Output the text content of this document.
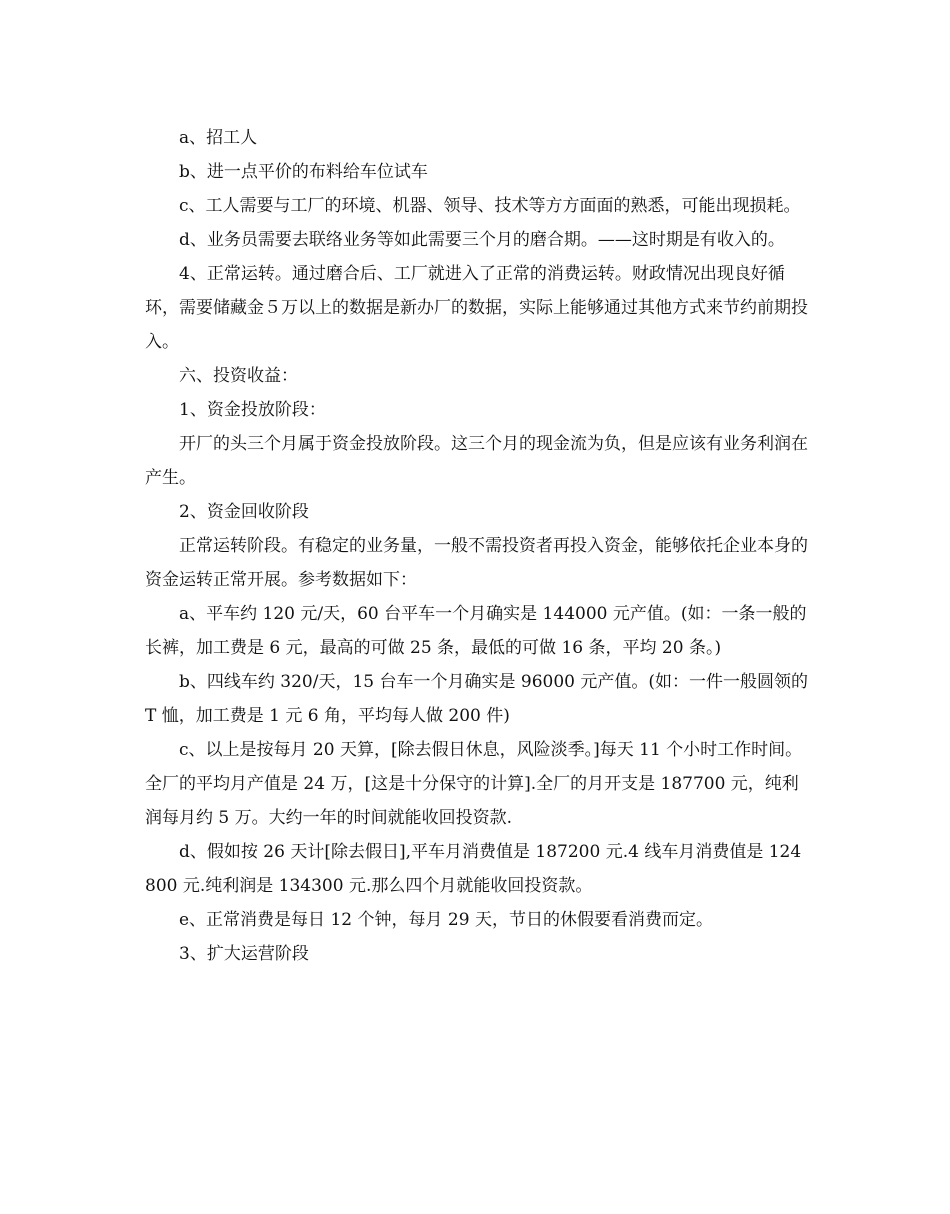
a、招工人

b、进一点平价的布料给车位试车

c、工人需要与工厂的环境、机器、领导、技术等方方面面的熟悉，可能出现损耗。

d、业务员需要去联络业务等如此需要三个月的磨合期。——这时期是有收入的。

4、正常运转。通过磨合后、工厂就进入了正常的消费运转。财政情况出现良好循环，需要储藏金５万以上的数据是新办厂的数据，实际上能够通过其他方式来节约前期投入。

六、投资收益：

1、资金投放阶段：

开厂的头三个月属于资金投放阶段。这三个月的现金流为负，但是应该有业务利润在产生。

2、资金回收阶段

正常运转阶段。有稳定的业务量，一般不需投资者再投入资金，能够依托企业本身的资金运转正常开展。参考数据如下：

a、平车约 120 元/天，60 台平车一个月确实是 144000 元产值。(如：一条一般的长裤，加工费是 6 元，最高的可做 25 条，最低的可做 16 条，平均 20 条。)

b、四线车约 320/天，15 台车一个月确实是 96000 元产值。(如：一件一般圆领的 T 恤，加工费是 1 元 6 角，平均每人做 200 件)

c、以上是按每月 20 天算，[除去假日休息，风险淡季。]每天 11 个小时工作时间。全厂的平均月产值是 24 万，[这是十分保守的计算].全厂的月开支是 187700 元，纯利润每月约 5 万。大约一年的时间就能收回投资款.

d、假如按 26 天计[除去假日],平车月消费值是 187200 元.4 线车月消费值是 124800 元.纯利润是 134300 元.那么四个月就能收回投资款。

e、正常消费是每日 12 个钟，每月 29 天，节日的休假要看消费而定。

3、扩大运营阶段
